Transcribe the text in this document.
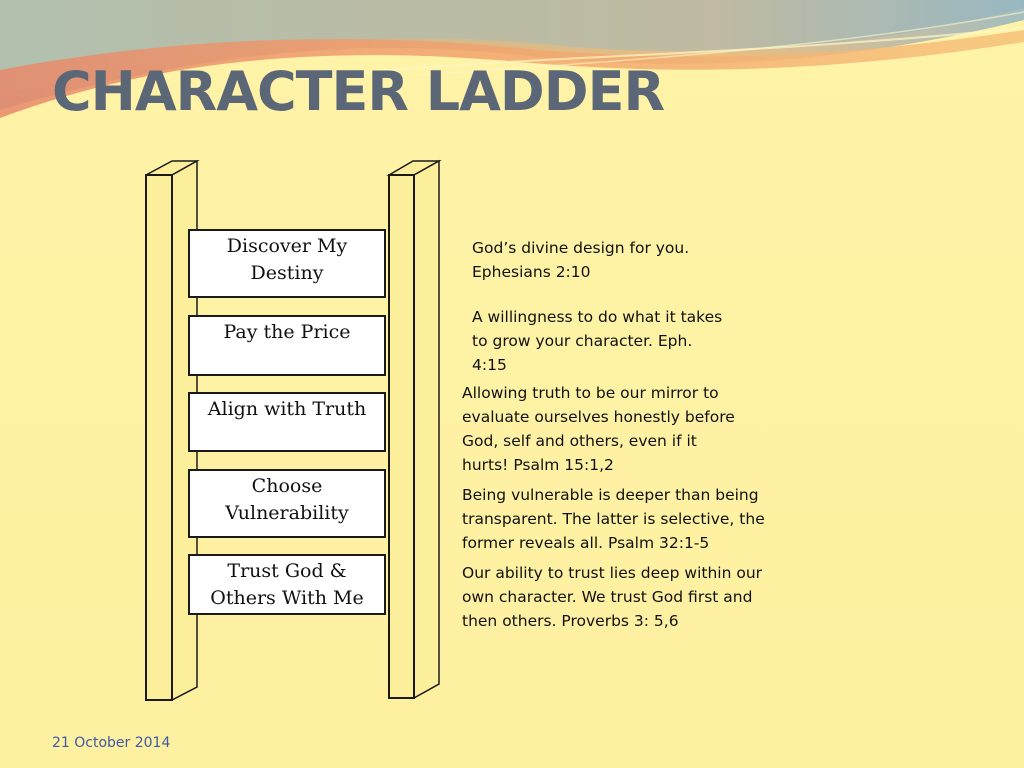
CHARACTER LADDER
Discover My
Destiny
Pay the Price
Align with Truth
Choose
Vulnerability
Trust God &
Others With Me
God’s divine design for you.
Ephesians 2:10
A willingness to do what it takes
to grow your character. Eph.
4:15
Allowing truth to be our mirror to
evaluate ourselves honestly before
God, self and others, even if it
hurts! Psalm 15:1,2
Being vulnerable is deeper than being
transparent. The latter is selective, the
former reveals all. Psalm 32:1-5
Our ability to trust lies deep within our
own character. We trust God first and
then others. Proverbs 3: 5,6
21 October 2014
